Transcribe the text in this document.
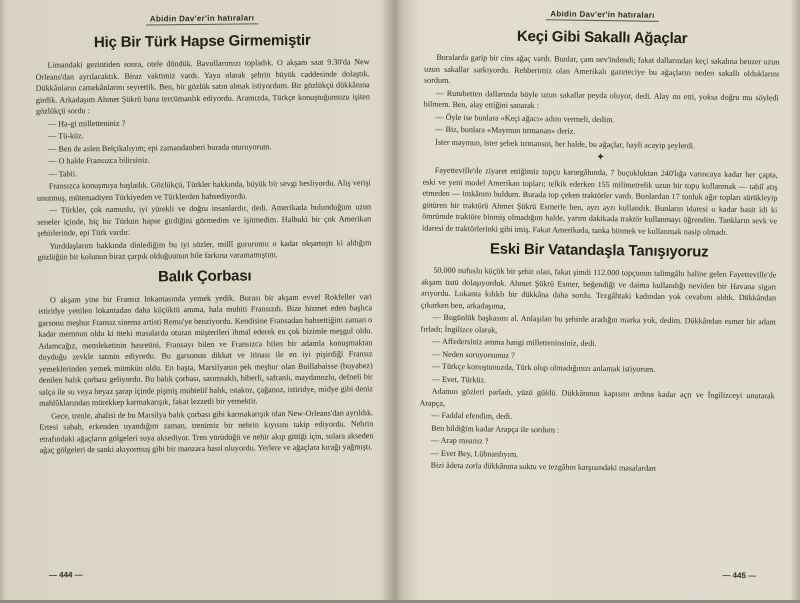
Abidin Dav'er'in hatıraları
Hiç Bir Türk Hapse Girmemiştir

Limandaki gezintiden sonra, otele döndük. Bavullarımızı topladık. O akşam saat 9.30'da New Orleans'dan ayrılacaktık. Biraz vaktimiz vardı. Yaya olarak şehrin büyük caddesinde dolaştık. Dükkânların camekânlarını seyrettik. Ben, bir gözlük satın almak istiyordum. Bir gözlükçü dükkânına girdik. Arkadaşım Ahmet Şükrü bana tercümanlık ediyordu. Aramızda, Türkçe konuştuğumuzu işiten gözlükçü sordu :

— Ha-gi milletteniniz ?

— Tü-küz.

— Ben de aslen Belçikalıyım; epi zamandanberi burada oturuyorum.

— O halde Fransızca bilirsiniz.

— Tabii.

Fransızca konuşmıya başladık. Gözlükçü, Türkler hakkında, büyük bir sevgi besliyordu. Alış verişi unutmuş, mütemadiyen Türkiyeden ve Türklerden bahsediyordu.

— Türkler, çok namuslu, iyi yürekli ve doğru insanlardır, dedi. Amerikada bulunduğum uzun seneler içinde, hiç bir Türkün hapse girdiğini görmedim ve işitmedim. Halbuki bir çok Amerikan şehirlerinde, epi Türk vardır.

Yurddaşlarım hakkında dinlediğim bu iyi sözler, millî gururumu o kadar okşamıştı ki aldığım gözlüğün bir kolunun biraz çarpık olduğuunun bile farkına varamamıştım.

Balık Çorbası

O akşam yine bir Fransız lokantasında yemek yedik. Burası bir akşam evvel Rokfeller vari istiridye yenilen lokantadan daha küçüktü amma, hala muhiti Fransızdı. Bize hizmet eden başlıca garsonu meşhur Fransız sinema artisti Remu'ye benziyordu. Kendisine Fransadan bahsettiğim zaman o kadar memnun oldu ki öteki masalarda oturan müşterileri ihmal ederek en çok bizimle meşgul oldu. Adamcağız, memleketinin hasretini, Fransayı bilen ve Fransızca bilen bir adamla konuşmaktan duyduğu zevkle tatmin ediyordu. Bu garsonun dikkat ve itinası ile en iyi pişirdiği Fransız yemeklerinden yemek mümkün oldu. En başta, Marsilyanın pek meşhur olan Buillabaisse (buyabez) denilen balık çorbası geliyordu. Bu balık çorbası, sarımsaklı, biberli, safranlı, maydanozlu, defneli bir salça ile su veya beyaz şarap içinde pişmiş muhtelif balık, ıstakoz, çağanoz, istiridye, midye gibi deniz mahlûklarından mürekkep karmakarışık, fakat lezzetli bir yemektir.

Gece, trenle, ahalisi de bu Marsilya balık çorbası gibi karmakarışık olan New-Orleans'dan ayrıldık. Ertesi sabah, erkenden uyandığım zaman, trenimiz bir nehrin kıyısını takip ediyordu. Nehrin etrafındaki ağaçların gölgeleri suya aksediyor. Tren yürüdüğü ve nehir akıp gittiği için, sulara akseden ağaç gölgeleri de sanki akıyormuş gibi bir manzara hasıl oluyordu. Yerlere ve ağaçlara kırağı yağmıştı.

— 444 —
Abidin Dav'er'in hatıraları
Keçi Gibi Sakallı Ağaçlar

Buralarda garip bir cins ağaç vardı. Bunlar, çam nev'indendi; fakat dallarından keçi sakalına benzer uzun uzun sakallar sarkıyordu. Rehberimiz olan Amerikalı gazeteciye bu ağaçların neden sakallı olduklarını sordum.

— Rutubetten dallarında böyle uzun sakallar peyda oluyor, dedi. Alay mı etti, yoksa doğru mu söyledi bilmem. Ben, alay ettiğini sanarak :

— Öyle ise bunlara «Keçi ağacı» adını vermeli, dedim.

— Biz, bunlara «Maymun tırmanan» deriz.

İster maymun, ister şebek tırmansın, her halde, bu ağaçlar, hayli acayip şeylerdi.

✦

Fayetteville'de ziyaret ettiğimiz topçu karargâhında, 7 buçukluktan 240'lığa varıncaya kadar her çapta, eski ve yeni model Amerikan topları; telkik ederken 155 milimetrelik uzun bir topu kullanmak — tabiî atış etmeden — imkânını buldum. Burada top çeken traktörler vardı. Bunlardan 17 tonluk ağır topları sürükleyip götüren bir traktörü Ahmet Şükrü Esmerle ben, ayrı ayrı kullandık. Bunların idaresi o kadar basit idi ki ömrümde traktöre binmiş olmadığım halde, yarım dakikada traktör kullanmayı öğrendim. Tankların sevk ve idaresi de traktörlerinki gibi imiş. Fakat Amerikada, tanka binmek ve kullanmak nasip olmadı.

Eski Bir Vatandaşla Tanışıyoruz

50.000 nufuslu küçük bir şehir olan, fakat şimdi 112.000 topçunun talimgâhı haline gelen Fayetteville'de akşam üstü dolaşıyorduk. Ahmet Şükrü Esmer, beğendiği ve daima kullandığı neviden bir Havana sigarı arıyordu. Lokanta kılıklı bir dükkâna daha sordu. Tezgâhtaki kadından yok cevabını aldık. Dükkândan çıkarken ben, arkadaşıma,

— Bugünlük başkasını al. Anlaşılan bu şehirde aradığın marka yok, dedim. Dükkândan esmer bir adam fırladı; İngilizce olarak,

— Affedersiniz amma hangi milletteninsiniz, dedi.

— Neden soruyorsunuz ?

— Türkçe konuştunuzda, Türk olup olmadığınızı anlamak istiyorum.

— Evet, Türküz.

Adamın gözleri parladı, yüzü güldü. Dükkânının kapısını ardına kadar açtı ve İngilizceyi unutarak Arapça,

— Faddal efendim, dedi.

Ben bildiğim kadar Arapça ile sordum :

— Arap mısınız ?

— Evet Bey, Lübnanlıyım.

Bizi âdeta zorla dükkânına soktu ve tezgâhın karşısındaki masalardan

— 445 —
